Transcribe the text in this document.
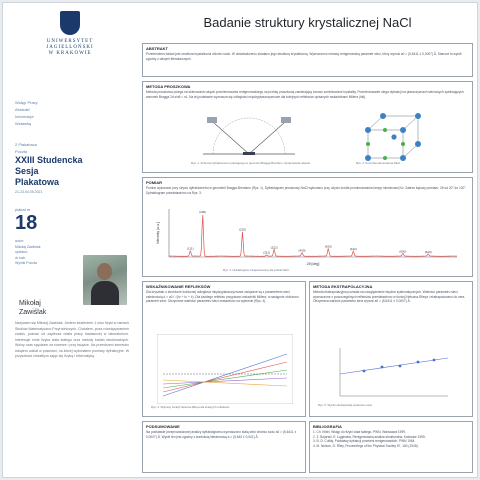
UNIWERSYTET
JAGIELLOŃSKI
W KRAKOWIE
Wstęp Pracy
Abstrakt
Informacje
Wstawkę
2 Plakatowa
Poczta
XXIII Studencka Sesja Plakatowa
21-23.04.05.2021
plakat nr
18
autor:
Mikołaj Zawiślak
opiekun:
dr hab.
Wyniki Poczta
Mikołaj
Zawiślak
Nazywam się Mikołaj Zawiślak. Jestem studentem 1 roku fizyki w ramach Studiów Matematyczno-Przyrodniczych. Chciałem, poza rozwiązywaniem zadań, poznać od zaplecza realia pracy badawczej w laboratorium. Interesuje mnie fizyka ciała stałego oraz metody badań strukturalnych. Wolny czas spędzam na rowerze i przy książce. Na przestrzeni semestru wziąłem udział w pracowni, na której wykonałem pomiary dyfrakcyjne. W przyszłości chciałbym zająć się fizyką i informatyką.
Badanie struktury krystalicznej NaCl
ABSTRAKT
Przedmiotem badań jest struktura krystaliczna chlorku sodu. W doświadczeniu zbadano jego strukturę krystaliczną. Wyznaczono metodą rentgenowską parametr sieci, który wynosi a0 = (5,6411 ± 0,0007) Å. Stanowi to wynik zgodny z danymi literaturowymi.
METODA PROSZKOWA
Metoda proszkowa polega na skierowaniu wiązki promieniowania rentgenowskiego na próbkę proszkową zawierającą losowo zorientowane krystality. Promieniowanie ulega dyfrakcji na płaszczyznach sieciowych spełniających warunek Bragga 2d sinθ = nλ. Na tej podstawie wyznacza się odległości międzypłaszczyznowe dla kolejnych refleksów opisanych wskaźnikami Millera (hkl).
Rys. 1. Schemat dyfraktometru pracującego w geometrii Bragga-Brentano. Opracowanie własne.	Rys. 2. Komórka elementarna NaCl.
POMIAR
Pomiar wykonano przy użyciu dyfraktometru w geometrii Bragga-Brentano (Rys. 1). Dyfraktogram proszkowy NaCl wykonano przy użyciu źródła promieniowania lampy miedziowej Kα. Zakres kątowy pomiaru: 2θ od 20° do 120°. Dyfraktogram przedstawiono na Rys. 3.
Intensity [a.u.]
2θ [deg]
(111)
(200)
(220)
(311)
(222)
(400)
(420)
(422)
(600)	(620)
Rys. 3. Dyfraktogram zarejestrowany dla próbki NaCl.
WSKAŹNIKOWANIE REFLEKSÓW
Dla kryształu o strukturze kubicznej odległości międzypłaszczyznowe związane są z parametrem sieci zależnością d = a0 / √(h² + k² + l²). Dla każdego refleksu przypisano wskaźniki Millera, a następnie obliczono parametr sieci. Otrzymane wartości parametru sieci zestawiono na wykresie (Rys. 4).
Rys. 4. Wykresy funkcji Nelsona-Rileya dla kolejnych refleksów.
METODA EKSTRAPOLACYJNA
Metoda ekstrapolacyjna pozwala na uwzględnienie błędów systematycznych. Wartości parametru sieci wyznaczone z poszczególnych refleksów przedstawiono w funkcji Nelsona-Rileya i ekstrapolowano do zera. Otrzymana wartość parametru sieci wynosi a0 = (5,6411 ± 0,0007) Å.
Rys. 5. Wyniki ekstrapolacji parametru sieci.
PODSUMOWANIE
Na podstawie przeprowadzonej analizy dyfraktogramu wyznaczono stałą sieci chlorku sodu a0 = (5,6411 ± 0,0007) Å. Wynik ten jest zgodny z wartością literaturową a = (5,640 ± 0,001) Å.
BIBLIOGRAFIA
1. Ch. Kittel, Wstęp do fizyki ciała stałego, PWN, Warszawa 1999.
2. Z. Bojarski, E. Łągiewka, Rentgenowska analiza strukturalna, Katowice 1995.
3. B. D. Cullity, Podstawy dyfrakcji promieni rentgenowskich, PWN 1964.
4. M. Nelson, D. Riley, Proceedings of the Physical Society 57, 160 (1945).
